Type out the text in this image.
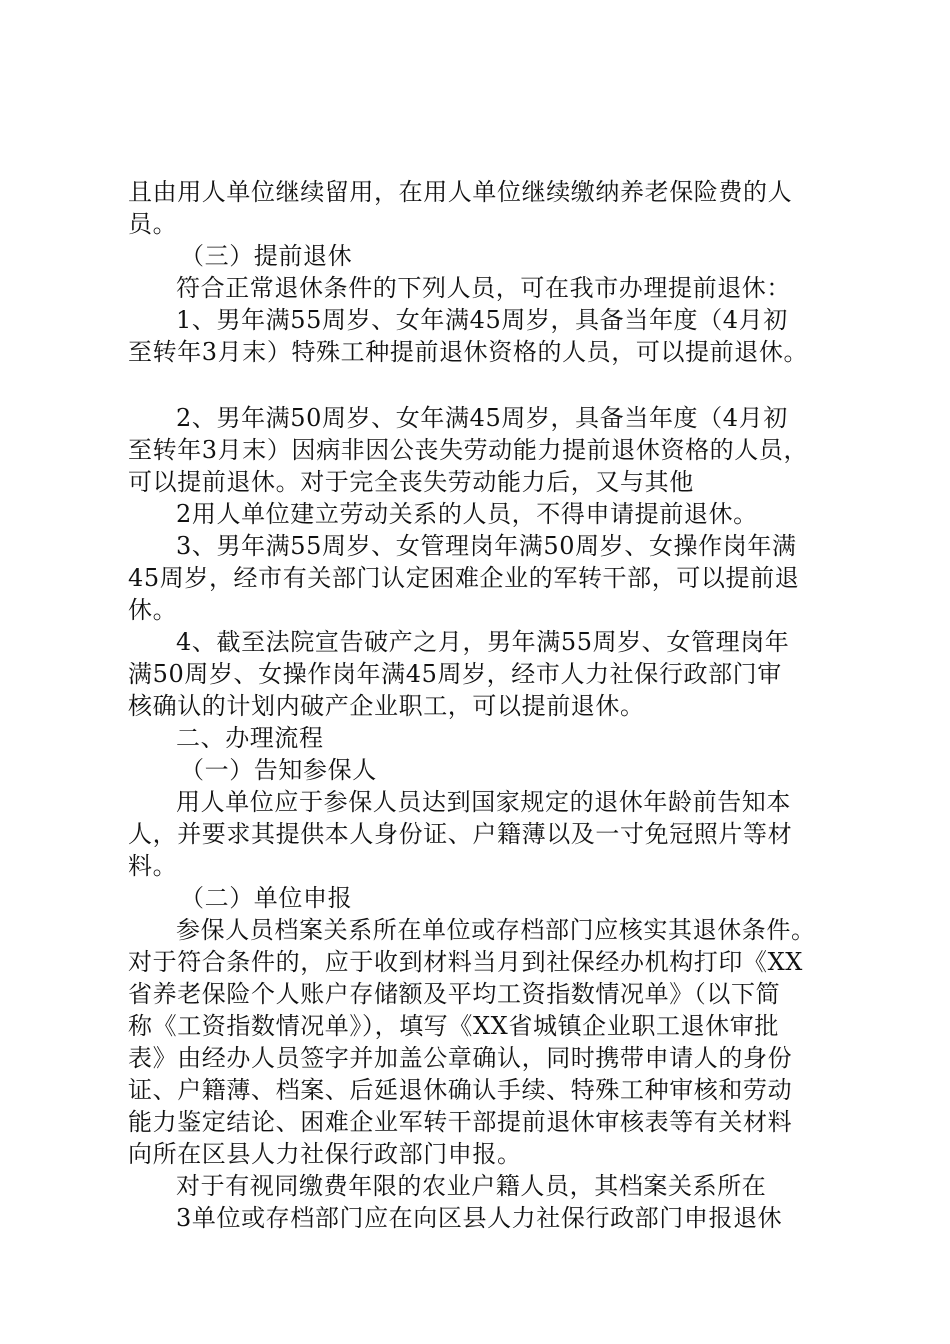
且由用人单位继续留用，在用人单位继续缴纳养老保险费的人
员。
（三）提前退休
符合正常退休条件的下列人员，可在我市办理提前退休：
1、男年满55周岁、女年满45周岁，具备当年度（4月初
至转年3月末）特殊工种提前退休资格的人员，可以提前退休。
2、男年满50周岁、女年满45周岁，具备当年度（4月初
至转年3月末）因病非因公丧失劳动能力提前退休资格的人员，
可以提前退休。对于完全丧失劳动能力后，又与其他
2用人单位建立劳动关系的人员，不得申请提前退休。
3、男年满55周岁、女管理岗年满50周岁、女操作岗年满
45周岁，经市有关部门认定困难企业的军转干部，可以提前退
休。
4、截至法院宣告破产之月，男年满55周岁、女管理岗年
满50周岁、女操作岗年满45周岁，经市人力社保行政部门审
核确认的计划内破产企业职工，可以提前退休。
二、办理流程
（一）告知参保人
用人单位应于参保人员达到国家规定的退休年龄前告知本
人，并要求其提供本人身份证、户籍薄以及一寸免冠照片等材
料。
（二）单位申报
参保人员档案关系所在单位或存档部门应核实其退休条件。
对于符合条件的，应于收到材料当月到社保经办机构打印《XX
省养老保险个人账户存储额及平均工资指数情况单》（以下简
称《工资指数情况单》），填写《XX省城镇企业职工退休审批
表》由经办人员签字并加盖公章确认，同时携带申请人的身份
证、户籍薄、档案、后延退休确认手续、特殊工种审核和劳动
能力鉴定结论、困难企业军转干部提前退休审核表等有关材料
向所在区县人力社保行政部门申报。
对于有视同缴费年限的农业户籍人员，其档案关系所在
3单位或存档部门应在向区县人力社保行政部门申报退休
